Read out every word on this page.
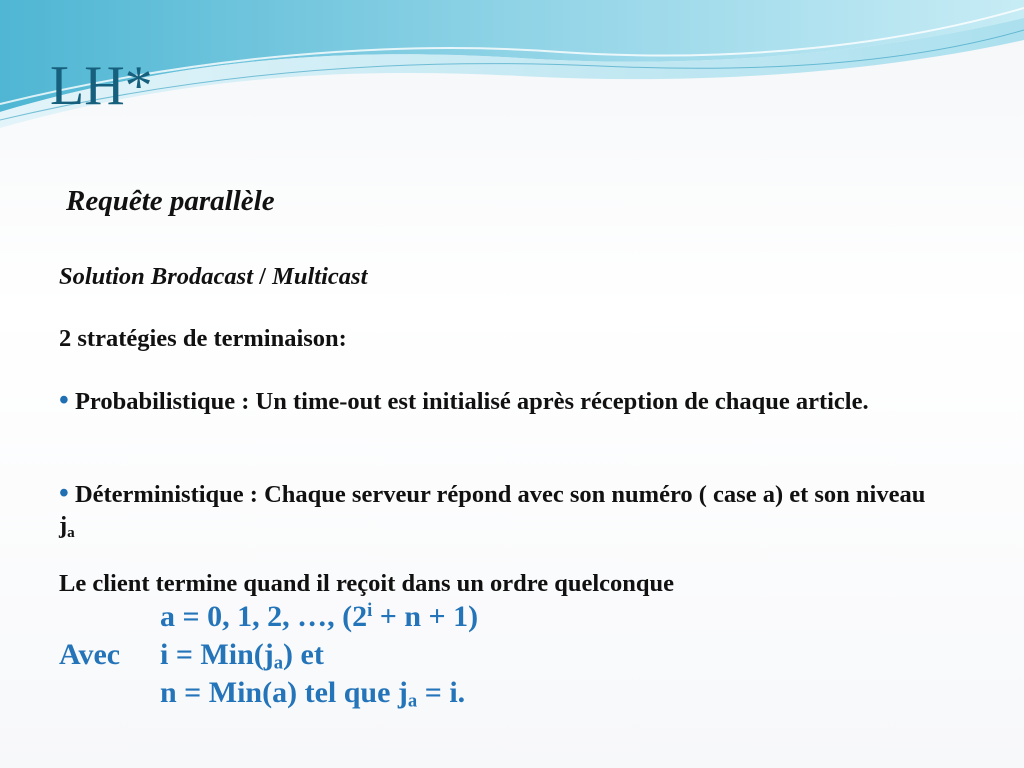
LH*
Requête parallèle
Solution Brodacast / Multicast
2 stratégies de terminaison:
• Probabilistique : Un time-out est initialisé après réception de chaque article.
• Déterministique : Chaque serveur répond avec son numéro ( case a) et son niveau $j_a$
Le client termine quand il reçoit dans un ordre quelconque
a = 0, 1, 2, …, $(2^i + n + 1)$
Avec $i = Min(j_a)$ et
n = Min(a) tel que $j_a = i$.
